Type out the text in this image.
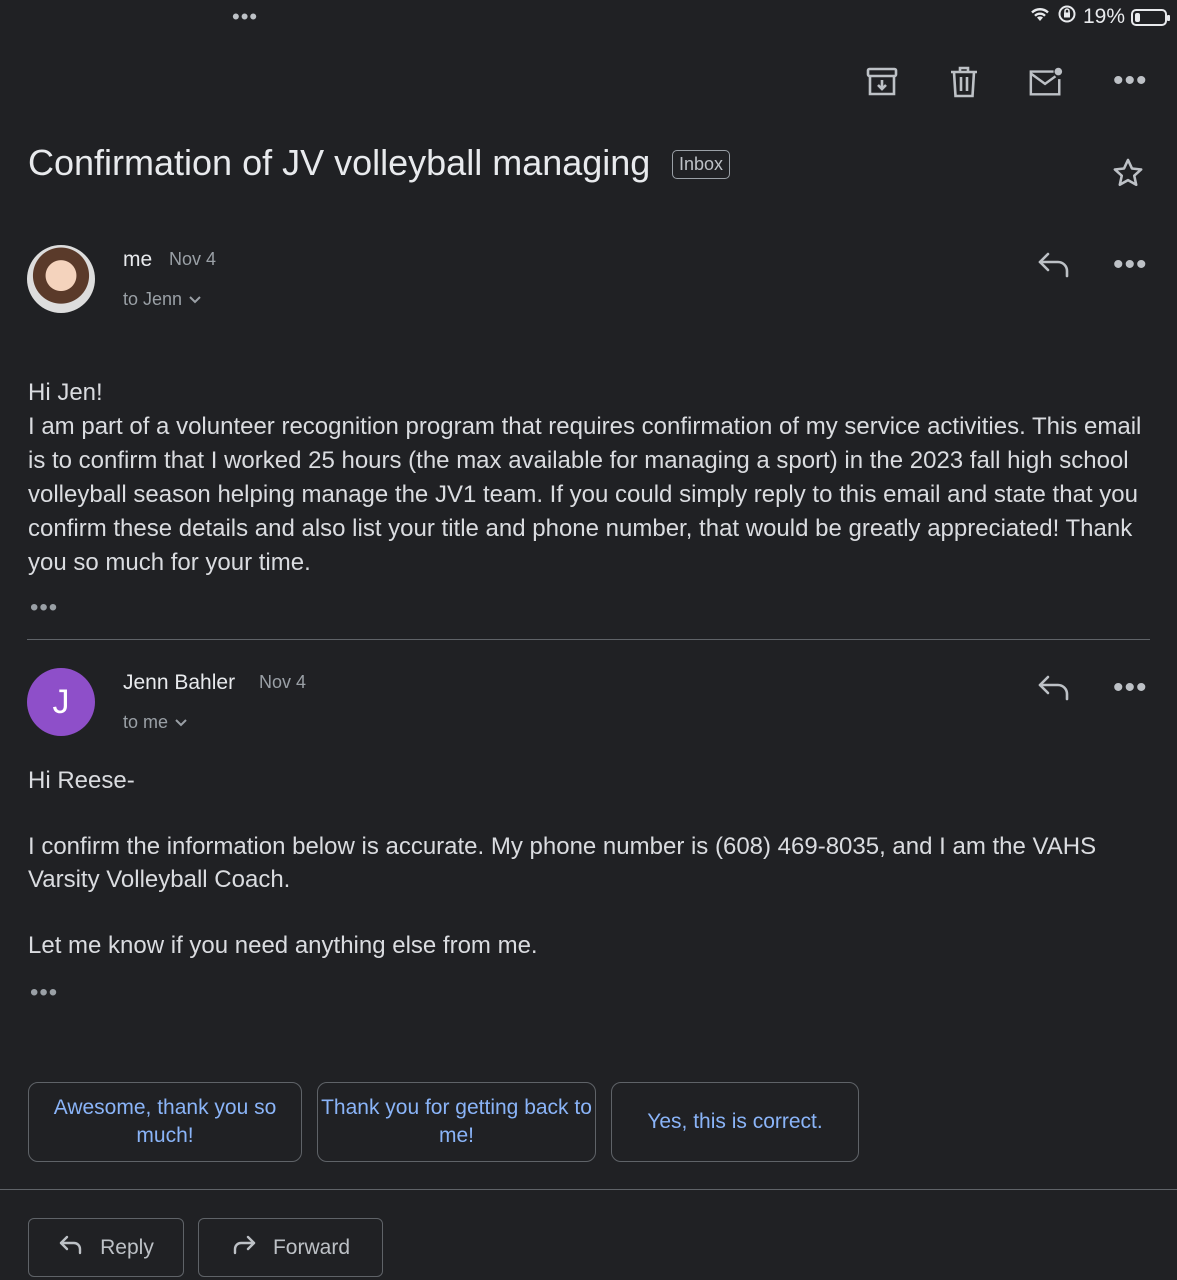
•••	19%
•••
Confirmation of JV volleyball managing	Inbox
me Nov 4
to Jenn
•••
Hi Jen!
I am part of a volunteer recognition program that requires confirmation of my service activities. This email is to confirm that I worked 25 hours (the max available for managing a sport) in the 2023 fall high school volleyball season helping manage the JV1 team. If you could simply reply to this email and state that you confirm these details and also list your title and phone number, that would be greatly appreciated! Thank you so much for your time.
•••
J	Jenn Bahler Nov 4
to me
•••
Hi Reese-
I confirm the information below is accurate. My phone number is (608) 469-8035, and I am the VAHS Varsity Volleyball Coach.
Let me know if you need anything else from me.
•••
Awesome, thank you so much!
Thank you for getting back to me!
Yes, this is correct.
Reply	Forward
